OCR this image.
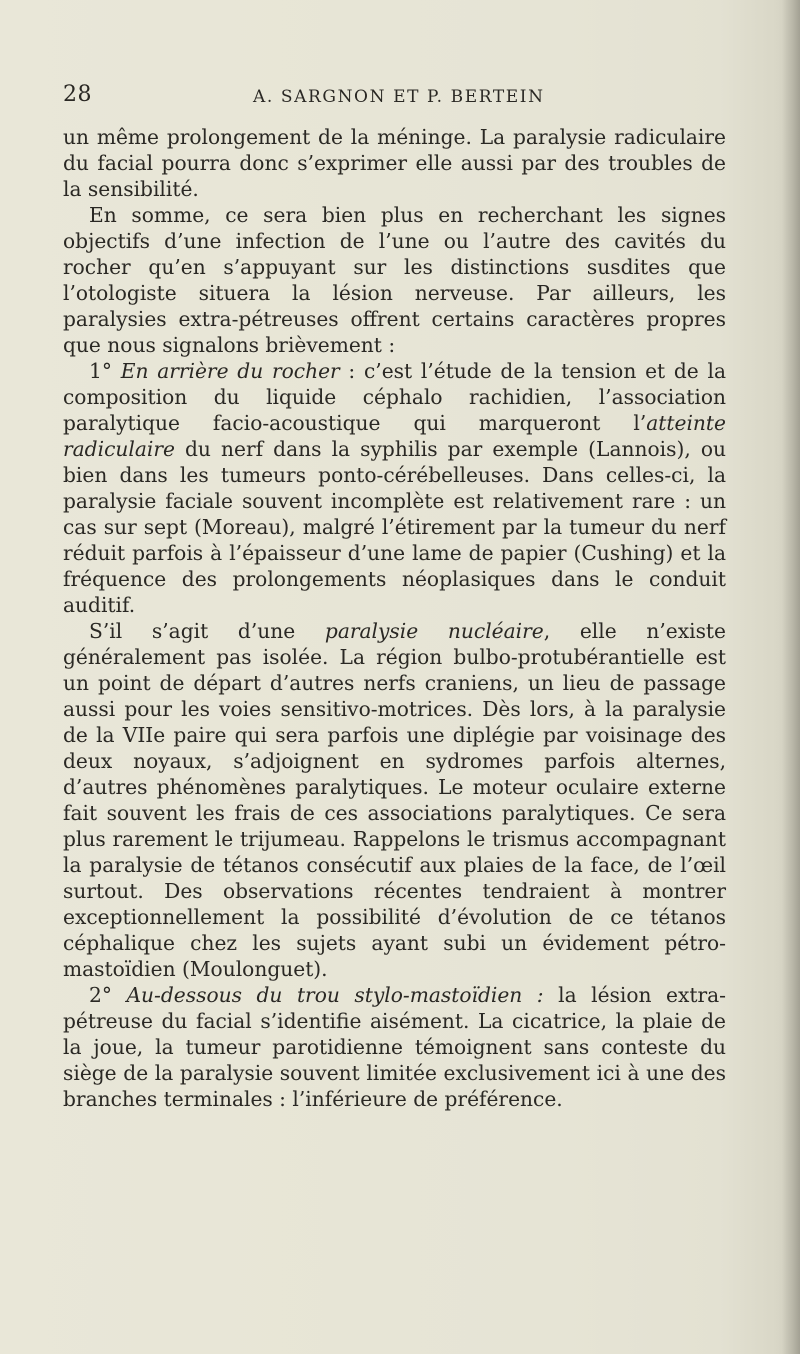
28	A. SARGNON ET P. BERTEIN

un même prolongement de la méninge. La paralysie radiculaire du facial pourra donc s’exprimer elle aussi par des troubles de la sensibilité.

En somme, ce sera bien plus en recherchant les signes objectifs d’une infection de l’une ou l’autre des cavités du rocher qu’en s’appuyant sur les distinctions susdites que l’otologiste situera la lésion nerveuse. Par ailleurs, les paralysies extra-pétreuses offrent certains caractères propres que nous signalons brièvement :

1° En arrière du rocher : c’est l’étude de la tension et de la composition du liquide céphalo rachidien, l’association paralytique facio-acoustique qui marqueront l’atteinte radiculaire du nerf dans la syphilis par exemple (Lannois), ou bien dans les tumeurs ponto-cérébelleuses. Dans celles-ci, la paralysie faciale souvent incomplète est relativement rare : un cas sur sept (Moreau), malgré l’étirement par la tumeur du nerf réduit parfois à l’épaisseur d’une lame de papier (Cushing) et la fréquence des prolongements néoplasiques dans le conduit auditif.

S’il s’agit d’une paralysie nucléaire, elle n’existe généralement pas isolée. La région bulbo-protubérantielle est un point de départ d’autres nerfs craniens, un lieu de passage aussi pour les voies sensitivo-motrices. Dès lors, à la paralysie de la VIIe paire qui sera parfois une diplégie par voisinage des deux noyaux, s’adjoignent en sydromes parfois alternes, d’autres phénomènes paralytiques. Le moteur oculaire externe fait souvent les frais de ces associations paralytiques. Ce sera plus rarement le trijumeau. Rappelons le trismus accompagnant la paralysie de tétanos consécutif aux plaies de la face, de l’œil surtout. Des observations récentes tendraient à montrer exceptionnellement la possibilité d’évolution de ce tétanos céphalique chez les sujets ayant subi un évidement pétro-mastoïdien (Moulonguet).

2° Au-dessous du trou stylo-mastoïdien : la lésion extra-pétreuse du facial s’identifie aisément. La cicatrice, la plaie de la joue, la tumeur parotidienne témoignent sans conteste du siège de la paralysie souvent limitée exclusivement ici à une des branches terminales : l’inférieure de préférence.
